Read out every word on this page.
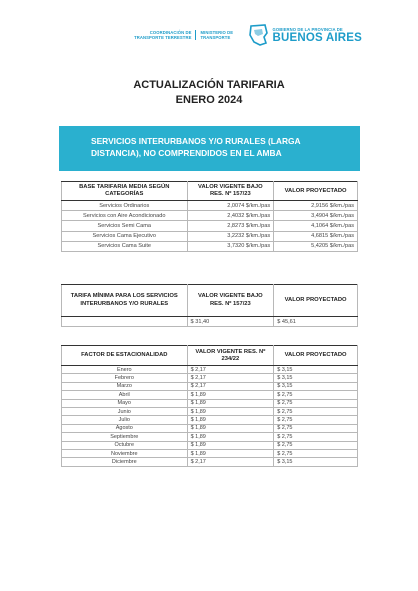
COORDINACIÓN DE
TRANSPORTE TERRESTRE
MINISTERIO DE
TRANSPORTE
GOBIERNO DE LA PROVINCIA DE
BUENOS AIRES
ACTUALIZACIÓN TARIFARIA
ENERO 2024
SERVICIOS INTERURBANOS Y/O RURALES (LARGA
DISTANCIA), NO COMPRENDIDOS EN EL AMBA
BASE TARIFARIA MEDIA SEGÚN CATEGORÍAS	VALOR VIGENTE BAJO RES. Nº 157/23	VALOR PROYECTADO
Servicios Ordinarios	2,0074 $/km./pas	2,9156 $/km./pas
Servicios con Aire Acondicionado	2,4032 $/km./pas	3,4904 $/km./pas
Servicios Semi Cama	2,8273 $/km./pas	4,1064 $/km./pas
Servicios Cama Ejecutivo	3,2232 $/km./pas	4,6815 $/km./pas
Servicios Cama Suite	3,7320 $/km./pas	5,4205 $/km./pas
TARIFA MÍNIMA PARA LOS SERVICIOS INTERURBANOS Y/O RURALES	VALOR VIGENTE BAJO RES. Nº 157/23	VALOR PROYECTADO
	$ 31,40	$ 45,61
FACTOR DE ESTACIONALIDAD	VALOR VIGENTE RES. Nº 234/22	VALOR PROYECTADO
Enero	$ 2,17	$ 3,15
Febrero	$ 2,17	$ 3,15
Marzo	$ 2,17	$ 3,15
Abril	$ 1,89	$ 2,75
Mayo	$ 1,89	$ 2,75
Junio	$ 1,89	$ 2,75
Julio	$ 1,89	$ 2,75
Agosto	$ 1,89	$ 2,75
Septiembre	$ 1,89	$ 2,75
Octubre	$ 1,89	$ 2,75
Noviembre	$ 1,89	$ 2,75
Diciembre	$ 2,17	$ 3,15
